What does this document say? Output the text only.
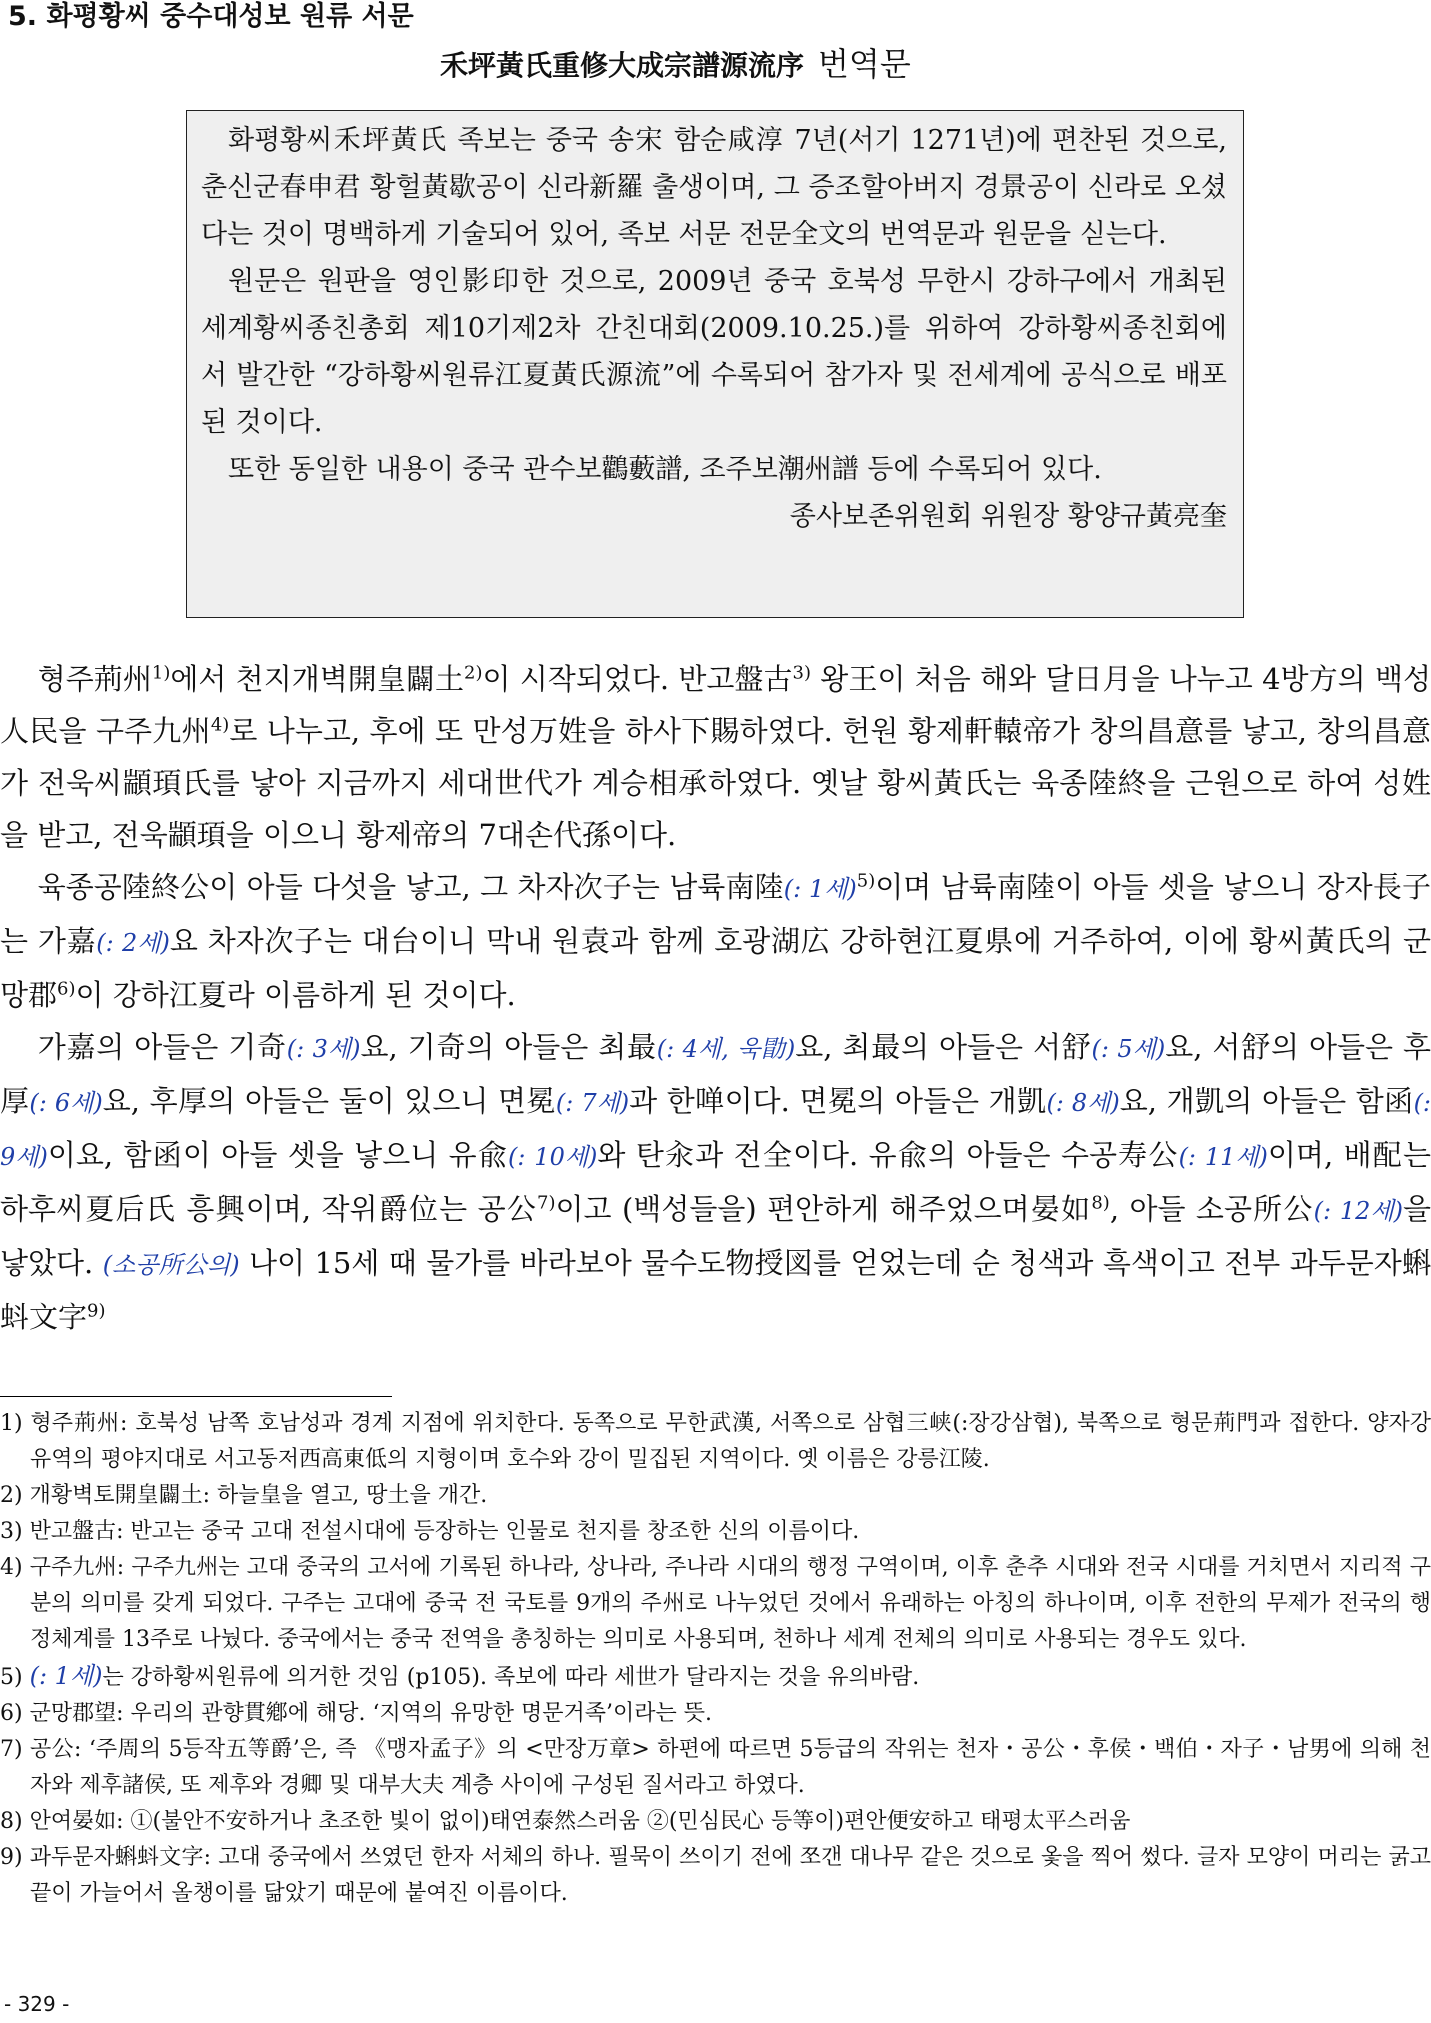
5. 화평황씨 중수대성보 원류 서문
禾坪黃氏重修大成宗譜源流序 번역문

화평황씨禾坪黃氏 족보는 중국 송宋 함순咸淳 7년(서기 1271년)에 편찬된 것으로, 춘신군春申君 황헐黃歇공이 신라新羅 출생이며, 그 증조할아버지 경景공이 신라로 오셨다는 것이 명백하게 기술되어 있어, 족보 서문 전문全文의 번역문과 원문을 싣는다.

원문은 원판을 영인影印한 것으로, 2009년 중국 호북성 무한시 강하구에서 개최된 세계황씨종친총회 제10기제2차 간친대회(2009.10.25.)를 위하여 강하황씨종친회에서 발간한 “강하황씨원류江夏黃氏源流”에 수록되어 참가자 및 전세계에 공식으로 배포된 것이다.

또한 동일한 내용이 중국 관수보鸛藪譜, 조주보潮州譜 등에 수록되어 있다.

종사보존위원회 위원장 황양규黃亮奎

형주荊州$^{1)}$에서 천지개벽開皇闢土$^{2)}$이 시작되었다. 반고盤古$^{3)}$ 왕王이 처음 해와 달日月을 나누고 4방方의 백성人民을 구주九州$^{4)}$로 나누고, 후에 또 만성万姓을 하사下賜하였다. 헌원 황제軒轅帝가 창의昌意를 낳고, 창의昌意가 전욱씨顓頊氏를 낳아 지금까지 세대世代가 계승相承하였다. 옛날 황씨黃氏는 육종陸終을 근원으로 하여 성姓을 받고, 전욱顓頊을 이으니 황제帝의 7대손代孫이다.

육종공陸終公이 아들 다섯을 낳고, 그 차자次子는 남륙南陸(: 1세)$^{5)}$이며 남륙南陸이 아들 셋을 낳으니 장자長子는 가嘉(: 2세)요 차자次子는 대台이니 막내 원袁과 함께 호광湖広 강하현江夏県에 거주하여, 이에 황씨黃氏의 군망郡$^{6)}$이 강하江夏라 이름하게 된 것이다.

가嘉의 아들은 기奇(: 3세)요, 기奇의 아들은 최最(: 4세, 욱勖)요, 최最의 아들은 서舒(: 5세)요, 서舒의 아들은 후厚(: 6세)요, 후厚의 아들은 둘이 있으니 면冕(: 7세)과 한啴이다. 면冕의 아들은 개凱(: 8세)요, 개凱의 아들은 함函(: 9세)이요, 함函이 아들 셋을 낳으니 유兪(: 10세)와 탄汆과 전全이다. 유兪의 아들은 수공寿公(: 11세)이며, 배配는 하후씨夏后氏 흥興이며, 작위爵位는 공公$^{7)}$이고 (백성들을) 편안하게 해주었으며晏如$^{8)}$, 아들 소공所公(: 12세)을 낳았다. (소공所公의) 나이 15세 때 물가를 바라보아 물수도物授図를 얻었는데 순 청색과 흑색이고 전부 과두문자蝌蚪文字$^{9)}$

1) 형주荊州: 호북성 남쪽 호남성과 경계 지점에 위치한다. 동쪽으로 무한武漢, 서쪽으로 삼협三峡(:장강삼협), 북쪽으로 형문荊門과 접한다. 양자강 유역의 평야지대로 서고동저西高東低의 지형이며 호수와 강이 밀집된 지역이다. 옛 이름은 강릉江陵.

2) 개황벽토開皇闢土: 하늘皇을 열고, 땅土을 개간.

3) 반고盤古: 반고는 중국 고대 전설시대에 등장하는 인물로 천지를 창조한 신의 이름이다.

4) 구주九州: 구주九州는 고대 중국의 고서에 기록된 하나라, 상나라, 주나라 시대의 행정 구역이며, 이후 춘추 시대와 전국 시대를 거치면서 지리적 구분의 의미를 갖게 되었다. 구주는 고대에 중국 전 국토를 9개의 주州로 나누었던 것에서 유래하는 아칭의 하나이며, 이후 전한의 무제가 전국의 행정체계를 13주로 나눴다. 중국에서는 중국 전역을 총칭하는 의미로 사용되며, 천하나 세계 전체의 의미로 사용되는 경우도 있다.

5) (: 1세)는 강하황씨원류에 의거한 것임 (p105). 족보에 따라 세世가 달라지는 것을 유의바람.

6) 군망郡望: 우리의 관향貫鄕에 해당. ‘지역의 유망한 명문거족’이라는 뜻.

7) 공公: ‘주周의 5등작五等爵’은, 즉 《맹자孟子》의 <만장万章> 하편에 따르면 5등급의 작위는 천자・공公・후侯・백伯・자子・남男에 의해 천자와 제후諸侯, 또 제후와 경卿 및 대부大夫 계층 사이에 구성된 질서라고 하였다.

8) 안여晏如: ①(불안不安하거나 초조한 빛이 없이)태연泰然스러움 ②(민심民心 등等이)편안便安하고 태평太平스러움

9) 과두문자蝌蚪文字: 고대 중국에서 쓰였던 한자 서체의 하나. 필묵이 쓰이기 전에 쪼갠 대나무 같은 것으로 옻을 찍어 썼다. 글자 모양이 머리는 굵고 끝이 가늘어서 올챙이를 닮았기 때문에 붙여진 이름이다.

- 329 -
